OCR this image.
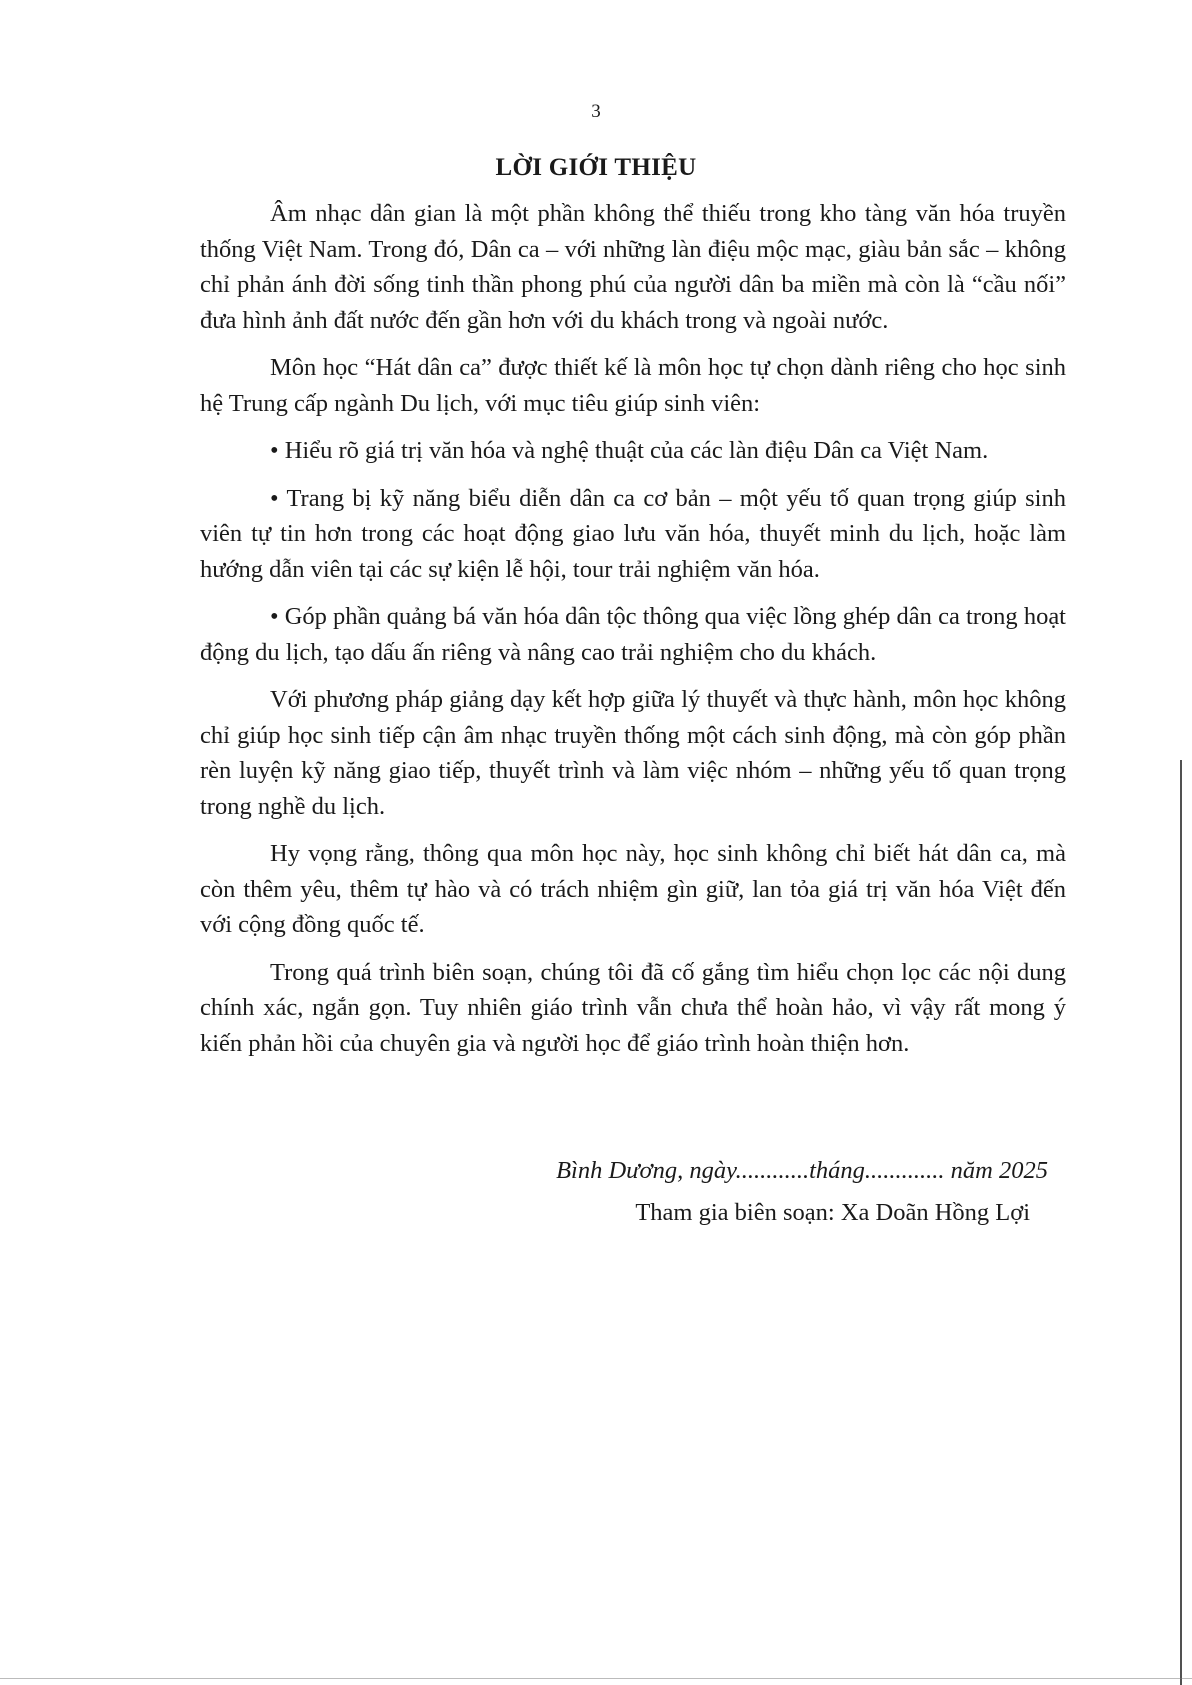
3
LỜI GIỚI THIỆU

Âm nhạc dân gian là một phần không thể thiếu trong kho tàng văn hóa truyền thống Việt Nam. Trong đó, Dân ca – với những làn điệu mộc mạc, giàu bản sắc – không chỉ phản ánh đời sống tinh thần phong phú của người dân ba miền mà còn là “cầu nối” đưa hình ảnh đất nước đến gần hơn với du khách trong và ngoài nước.

Môn học “Hát dân ca” được thiết kế là môn học tự chọn dành riêng cho học sinh hệ Trung cấp ngành Du lịch, với mục tiêu giúp sinh viên:

• Hiểu rõ giá trị văn hóa và nghệ thuật của các làn điệu Dân ca Việt Nam.

• Trang bị kỹ năng biểu diễn dân ca cơ bản – một yếu tố quan trọng giúp sinh viên tự tin hơn trong các hoạt động giao lưu văn hóa, thuyết minh du lịch, hoặc làm hướng dẫn viên tại các sự kiện lễ hội, tour trải nghiệm văn hóa.

• Góp phần quảng bá văn hóa dân tộc thông qua việc lồng ghép dân ca trong hoạt động du lịch, tạo dấu ấn riêng và nâng cao trải nghiệm cho du khách.

Với phương pháp giảng dạy kết hợp giữa lý thuyết và thực hành, môn học không chỉ giúp học sinh tiếp cận âm nhạc truyền thống một cách sinh động, mà còn góp phần rèn luyện kỹ năng giao tiếp, thuyết trình và làm việc nhóm – những yếu tố quan trọng trong nghề du lịch.

Hy vọng rằng, thông qua môn học này, học sinh không chỉ biết hát dân ca, mà còn thêm yêu, thêm tự hào và có trách nhiệm gìn giữ, lan tỏa giá trị văn hóa Việt đến với cộng đồng quốc tế.

Trong quá trình biên soạn, chúng tôi đã cố gắng tìm hiểu chọn lọc các nội dung chính xác, ngắn gọn. Tuy nhiên giáo trình vẫn chưa thể hoàn hảo, vì vậy rất mong ý kiến phản hồi của chuyên gia và người học để giáo trình hoàn thiện hơn.

Bình Dương, ngày............tháng............. năm 2025
Tham gia biên soạn: Xa Doãn Hồng Lợi
